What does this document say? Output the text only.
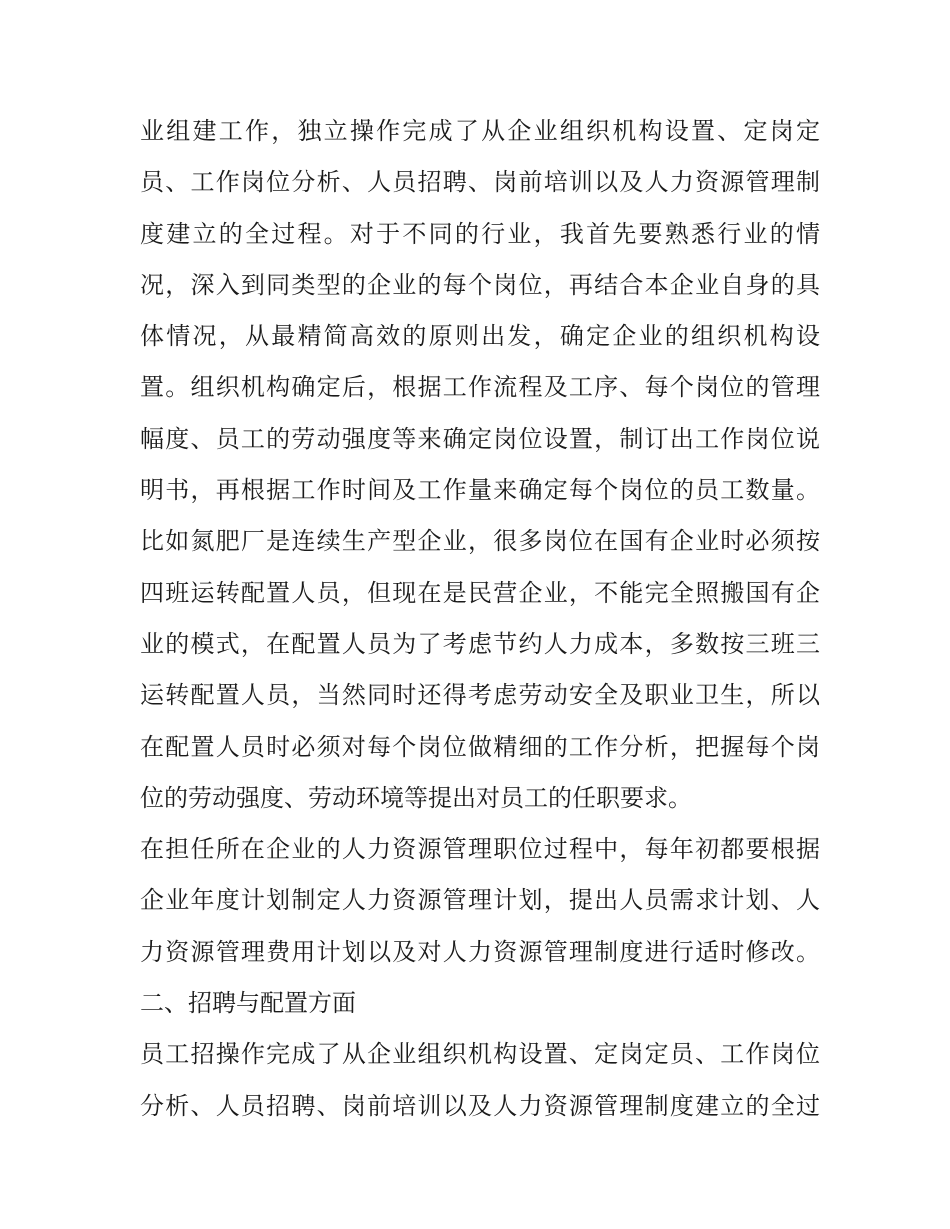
业组建工作，独立操作完成了从企业组织机构设置、定岗定
员、工作岗位分析、人员招聘、岗前培训以及人力资源管理制
度建立的全过程。对于不同的行业，我首先要熟悉行业的情
况，深入到同类型的企业的每个岗位，再结合本企业自身的具
体情况，从最精简高效的原则出发，确定企业的组织机构设
置。组织机构确定后，根据工作流程及工序、每个岗位的管理
幅度、员工的劳动强度等来确定岗位设置，制订出工作岗位说
明书，再根据工作时间及工作量来确定每个岗位的员工数量。
比如氮肥厂是连续生产型企业，很多岗位在国有企业时必须按
四班运转配置人员，但现在是民营企业，不能完全照搬国有企
业的模式，在配置人员为了考虑节约人力成本，多数按三班三
运转配置人员，当然同时还得考虑劳动安全及职业卫生，所以
在配置人员时必须对每个岗位做精细的工作分析，把握每个岗
位的劳动强度、劳动环境等提出对员工的任职要求。
在担任所在企业的人力资源管理职位过程中，每年初都要根据
企业年度计划制定人力资源管理计划，提出人员需求计划、人
力资源管理费用计划以及对人力资源管理制度进行适时修改。
二、招聘与配置方面
员工招操作完成了从企业组织机构设置、定岗定员、工作岗位
分析、人员招聘、岗前培训以及人力资源管理制度建立的全过
